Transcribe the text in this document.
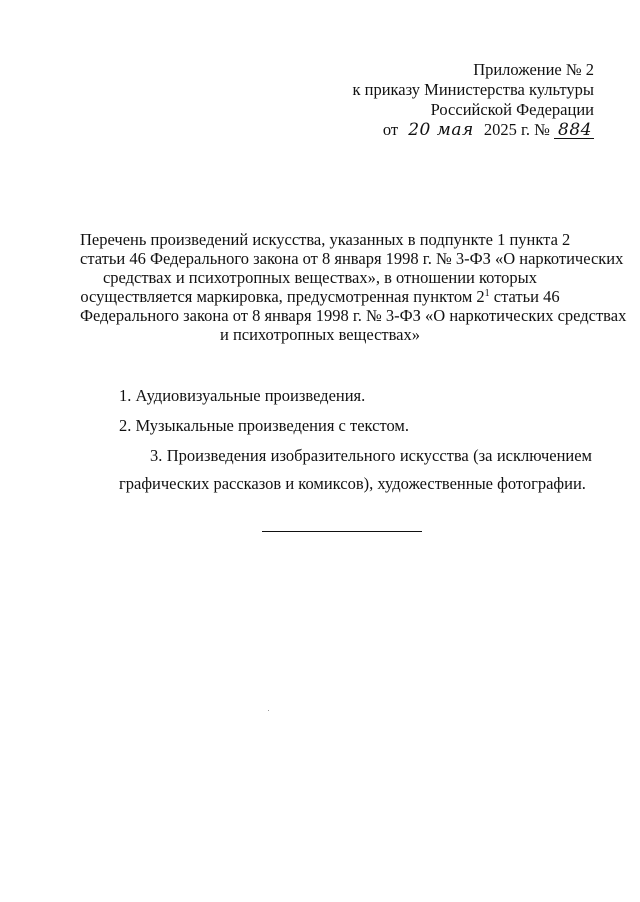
Приложение № 2
к приказу Министерства культуры
Российской Федерации
от 20 мая 2025 г. № 884
Перечень произведений искусства, указанных в подпункте 1 пункта 2
статьи 46 Федерального закона от 8 января 1998 г. № 3-ФЗ «О наркотических
средствах и психотропных веществах», в отношении которых
осуществляется маркировка, предусмотренная пунктом $2^1$ статьи 46
Федерального закона от 8 января 1998 г. № 3-ФЗ «О наркотических средствах
и психотропных веществах»
1. Аудиовизуальные произведения.
2. Музыкальные произведения с текстом.
3. Произведения изобразительного искусства (за исключением
графических рассказов и комиксов), художественные фотографии.
